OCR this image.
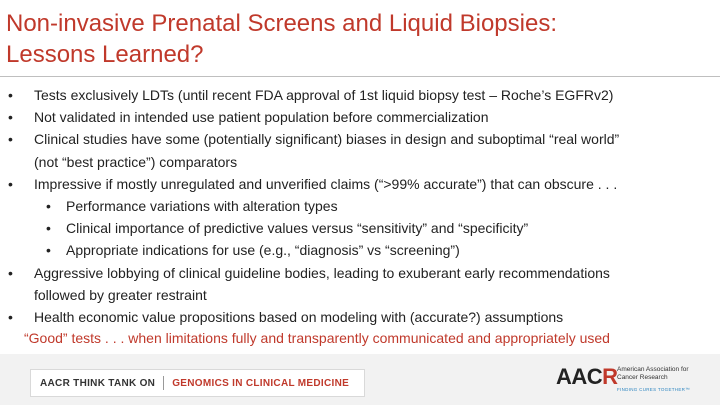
Non-invasive Prenatal Screens and Liquid Biopsies:
Lessons Learned?
• Tests exclusively LDTs (until recent FDA approval of 1st liquid biopsy test – Roche’s EGFRv2)
• Not validated in intended use patient population before commercialization
• Clinical studies have some (potentially significant) biases in design and suboptimal “real world”
(not “best practice”) comparators
• Impressive if mostly unregulated and unverified claims (“>99% accurate”) that can obscure . . .
• Performance variations with alteration types
• Clinical importance of predictive values versus “sensitivity” and “specificity”
• Appropriate indications for use (e.g., “diagnosis” vs “screening”)
• Aggressive lobbying of clinical guideline bodies, leading to exuberant early recommendations
followed by greater restraint
• Health economic value propositions based on modeling with (accurate?) assumptions
“Good” tests . . . when limitations fully and transparently communicated and appropriately used
AACR THINK TANK ON	GENOMICS IN CLINICAL MEDICINE	AACR American Association for Cancer Research
FINDING CURES TOGETHER™
